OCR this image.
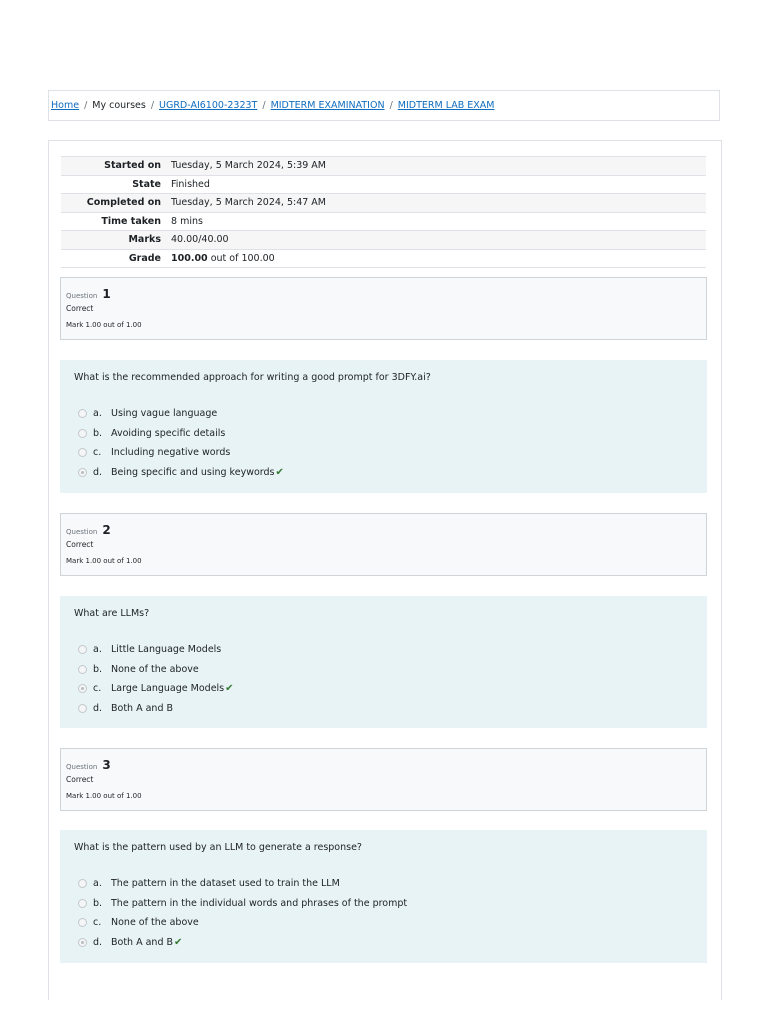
Home / My courses / UGRD-AI6100-2323T / MIDTERM EXAMINATION / MIDTERM LAB EXAM
Started on	Tuesday, 5 March 2024, 5:39 AM
State	Finished
Completed on	Tuesday, 5 March 2024, 5:47 AM
Time taken	8 mins
Marks	40.00/40.00
Grade	100.00 out of 100.00
Question 1
Correct
Mark 1.00 out of 1.00
What is the recommended approach for writing a good prompt for 3DFY.ai?
a. Using vague language
b. Avoiding specific details
c.	Including negative words
d. Being specific and using keywords ✔
Question 2
Correct
Mark 1.00 out of 1.00
What are LLMs?
a. Little Language Models
b. None of the above
c.	Large Language Models ✔
d. Both A and B
Question 3
Correct
Mark 1.00 out of 1.00
What is the pattern used by an LLM to generate a response?
a. The pattern in the dataset used to train the LLM
b. The pattern in the individual words and phrases of the prompt
c.	None of the above
d. Both A and B ✔
